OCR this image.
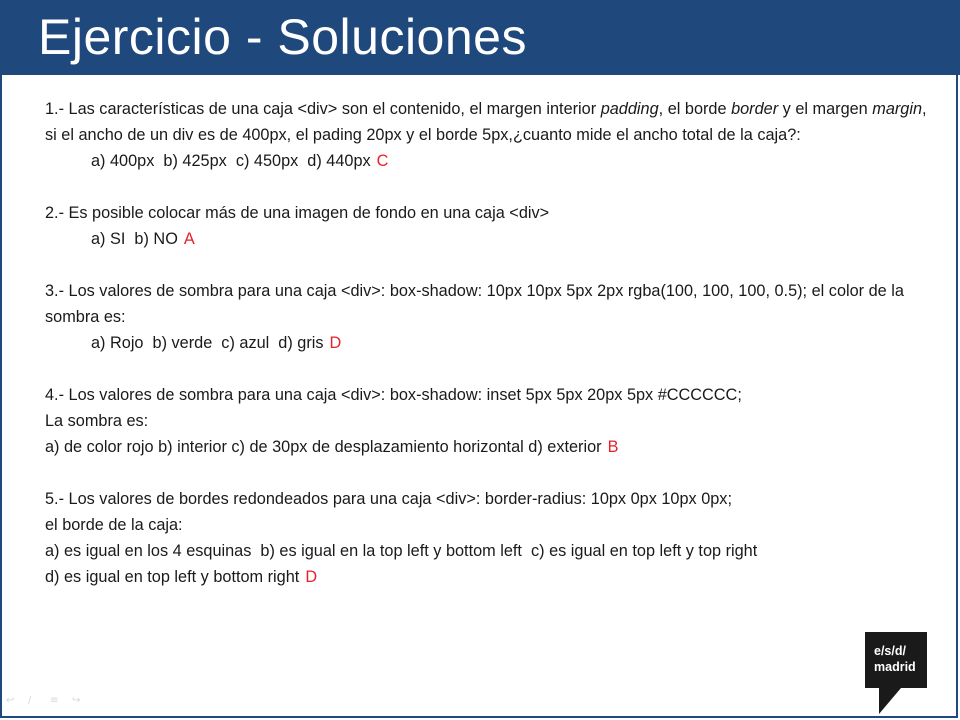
Ejercicio - Soluciones

1.- Las características de una caja <div> son el contenido, el margen interior padding, el borde border y el margen margin, si el ancho de un div es de 400px, el pading 20px y el borde 5px,¿cuanto mide el ancho total de la caja?:

a) 400px  b) 425px  c) 450px  d) 440px C

2.- Es posible colocar más de una imagen de fondo en una caja <div>

a) SI  b) NO A

3.- Los valores de sombra para una caja <div>: box-shadow: 10px 10px 5px 2px rgba(100, 100, 100, 0.5); el color de la sombra es:

a) Rojo  b) verde  c) azul  d) gris D

4.- Los valores de sombra para una caja <div>: box-shadow: inset 5px 5px 20px 5px #CCCCCC;

La sombra es:

a) de color rojo b) interior c) de 30px de desplazamiento horizontal d) exterior B

5.- Los valores de bordes redondeados para una caja <div>: border-radius: 10px 0px 10px 0px;

el borde de la caja:

a) es igual en los 4 esquinas  b) es igual en la top left y bottom left  c) es igual en top left y top right

d) es igual en top left y bottom right D

e/s/d/
madrid
↩	∕	≡	↪
